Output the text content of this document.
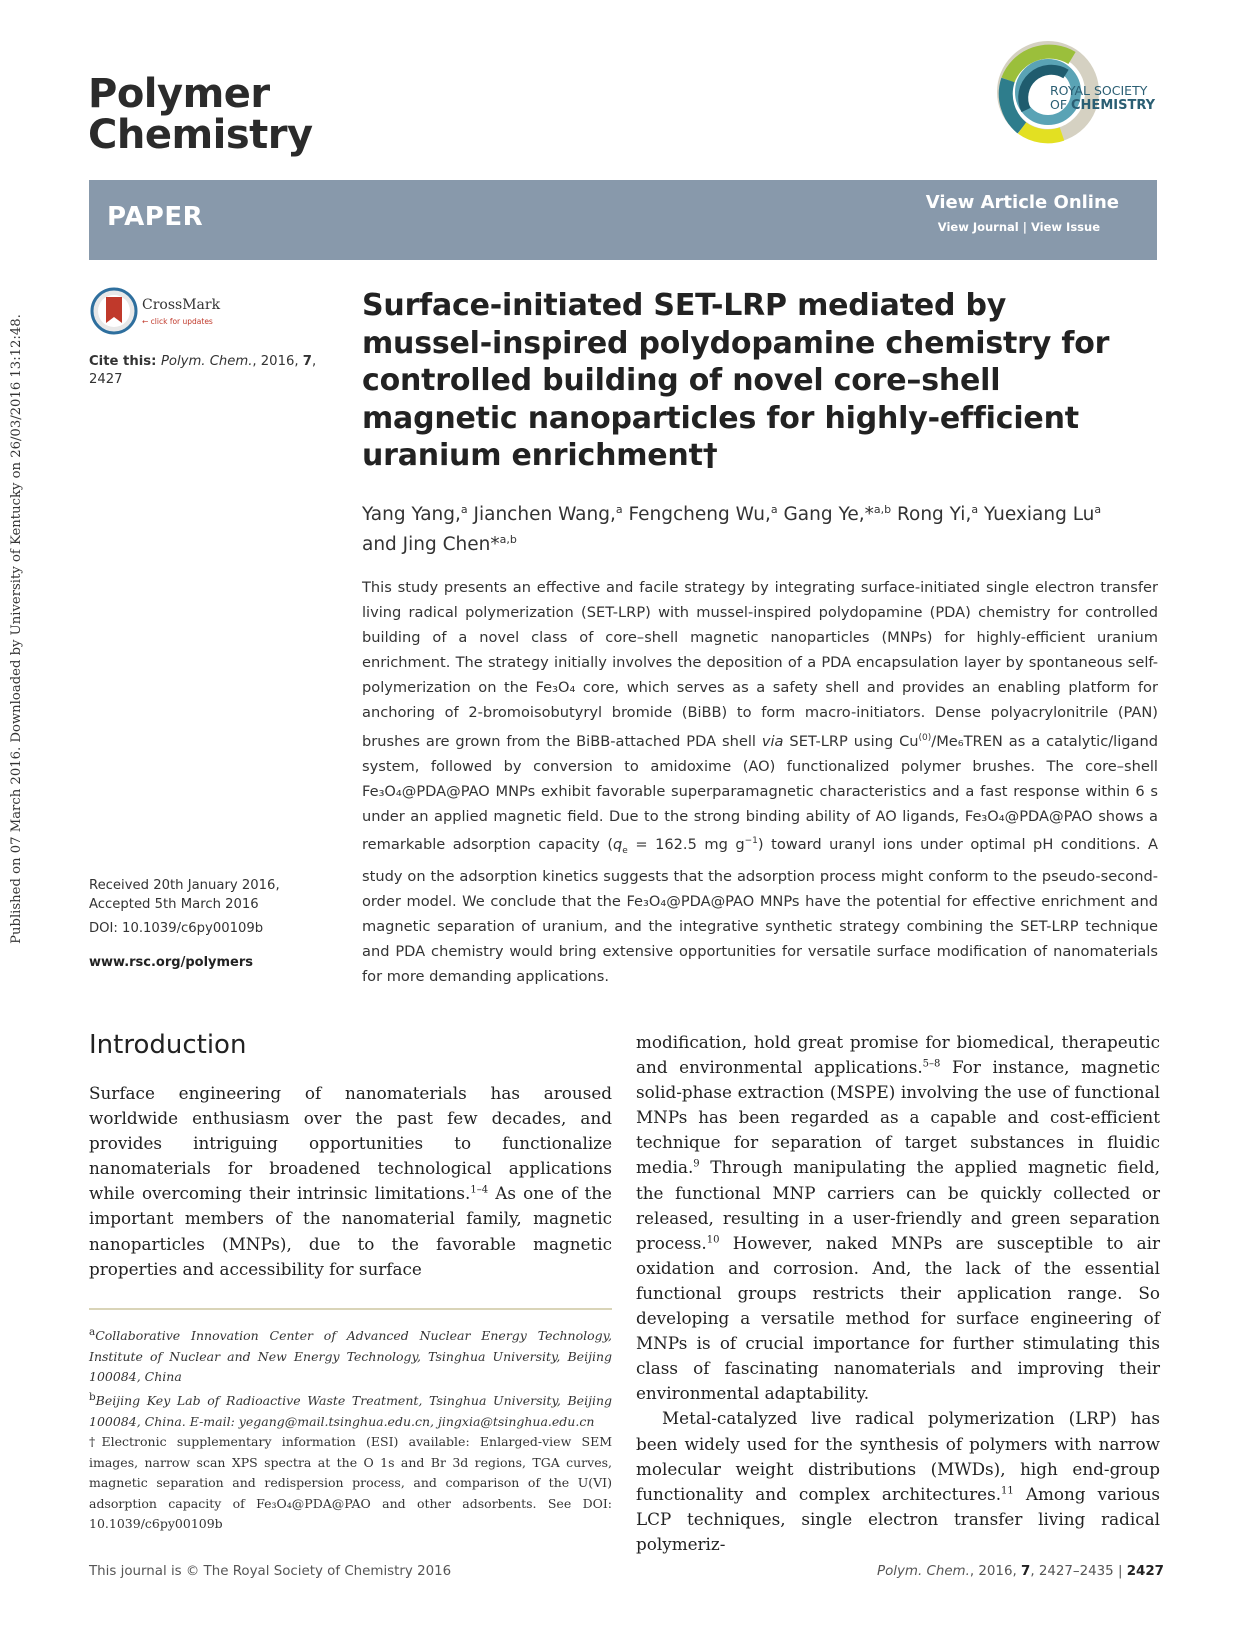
Published on 07 March 2016. Downloaded by University of Kentucky on 26/03/2016 13:12:48.
Polymer
Chemistry
ROYAL SOCIETY
OF CHEMISTRY
PAPER	View Article Online
View Journal | View Issue
CrossMark
← click for updates
Cite this: Polym. Chem., 2016, 7, 2427
Received 20th January 2016,
Accepted 5th March 2016
DOI: 10.1039/c6py00109b
www.rsc.org/polymers
Surface-initiated SET-LRP mediated by mussel-inspired polydopamine chemistry for controlled building of novel core–shell magnetic nanoparticles for highly-efficient uranium enrichment†
Yang Yang,$^a$ Jianchen Wang,$^a$ Fengcheng Wu,$^a$ Gang Ye,*$^{a,b}$ Rong Yi,$^a$ Yuexiang Lu$^a$
and Jing Chen*$^{a,b}$
This study presents an effective and facile strategy by integrating surface-initiated single electron transfer living radical polymerization (SET-LRP) with mussel-inspired polydopamine (PDA) chemistry for controlled building of a novel class of core–shell magnetic nanoparticles (MNPs) for highly-efficient uranium enrichment. The strategy initially involves the deposition of a PDA encapsulation layer by spontaneous self-polymerization on the Fe₃O₄ core, which serves as a safety shell and provides an enabling platform for anchoring of 2-bromoisobutyryl bromide (BiBB) to form macro-initiators. Dense polyacrylonitrile (PAN) brushes are grown from the BiBB-attached PDA shell via SET-LRP using Cu$^{(0)}$/Me₆TREN as a catalytic/ligand system, followed by conversion to amidoxime (AO) functionalized polymer brushes. The core–shell Fe₃O₄@PDA@PAO MNPs exhibit favorable superparamagnetic characteristics and a fast response within 6 s under an applied magnetic field. Due to the strong binding ability of AO ligands, Fe₃O₄@PDA@PAO shows a remarkable adsorption capacity ($q_e = 162.5$ mg $g^{-1}$) toward uranyl ions under optimal pH conditions. A study on the adsorption kinetics suggests that the adsorption process might conform to the pseudo-second-order model. We conclude that the Fe₃O₄@PDA@PAO MNPs have the potential for effective enrichment and magnetic separation of uranium, and the integrative synthetic strategy combining the SET-LRP technique and PDA chemistry would bring extensive opportunities for versatile surface modification of nanomaterials for more demanding applications.
Introduction
Surface engineering of nanomaterials has aroused worldwide enthusiasm over the past few decades, and provides intriguing opportunities to functionalize nanomaterials for broadened technological applications while overcoming their intrinsic limitations.$^{1-4}$ As one of the important members of the nanomaterial family, magnetic nanoparticles (MNPs), due to the favorable magnetic properties and accessibility for surface

modification, hold great promise for biomedical, therapeutic and environmental applications.$^{5-8}$ For instance, magnetic solid-phase extraction (MSPE) involving the use of functional MNPs has been regarded as a capable and cost-efficient technique for separation of target substances in fluidic media.$^9$ Through manipulating the applied magnetic field, the functional MNP carriers can be quickly collected or released, resulting in a user-friendly and green separation process.$^{10}$ However, naked MNPs are susceptible to air oxidation and corrosion. And, the lack of the essential functional groups restricts their application range. So developing a versatile method for surface engineering of MNPs is of crucial importance for further stimulating this class of fascinating nanomaterials and improving their environmental adaptability.

Metal-catalyzed live radical polymerization (LRP) has been widely used for the synthesis of polymers with narrow molecular weight distributions (MWDs), high end-group functionality and complex architectures.$^{11}$ Among various LCP techniques, single electron transfer living radical polymeriz-

$^a$Collaborative Innovation Center of Advanced Nuclear Energy Technology, Institute of Nuclear and New Energy Technology, Tsinghua University, Beijing 100084, China

$^b$Beijing Key Lab of Radioactive Waste Treatment, Tsinghua University, Beijing 100084, China. E-mail: yegang@mail.tsinghua.edu.cn, jingxia@tsinghua.edu.cn

†Electronic supplementary information (ESI) available: Enlarged-view SEM images, narrow scan XPS spectra at the O 1s and Br 3d regions, TGA curves, magnetic separation and redispersion process, and comparison of the U(VI) adsorption capacity of Fe₃O₄@PDA@PAO and other adsorbents. See DOI: 10.1039/c6py00109b

This journal is © The Royal Society of Chemistry 2016	Polym. Chem., 2016, 7, 2427–2435 | 2427
